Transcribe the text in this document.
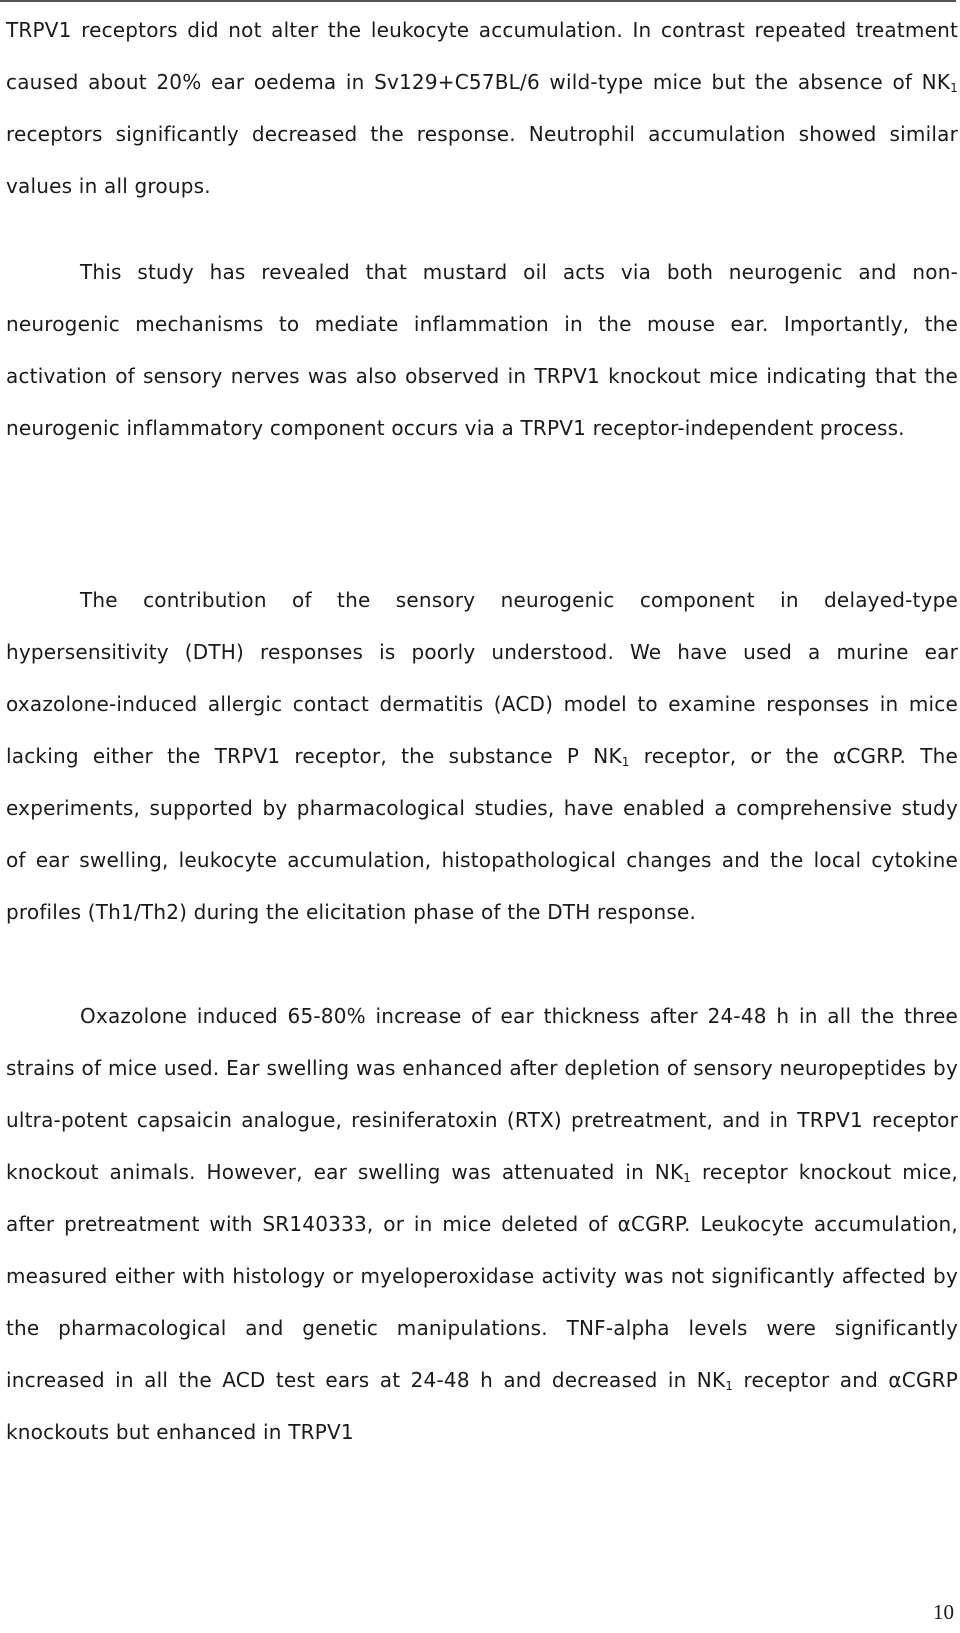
TRPV1 receptors did not alter the leukocyte accumulation. In contrast repeated treatment caused about 20% ear oedema in Sv129+C57BL/6 wild-type mice but the absence of $NK_1$ receptors significantly decreased the response. Neutrophil accumulation showed similar values in all groups.

This study has revealed that mustard oil acts via both neurogenic and non-neurogenic mechanisms to mediate inflammation in the mouse ear. Importantly, the activation of sensory nerves was also observed in TRPV1 knockout mice indicating that the neurogenic inflammatory component occurs via a TRPV1 receptor-independent process.

The contribution of the sensory neurogenic component in delayed-type hypersensitivity (DTH) responses is poorly understood. We have used a murine ear oxazolone-induced allergic contact dermatitis (ACD) model to examine responses in mice lacking either the TRPV1 receptor, the substance P $NK_1$ receptor, or the αCGRP. The experiments, supported by pharmacological studies, have enabled a comprehensive study of ear swelling, leukocyte accumulation, histopathological changes and the local cytokine profiles (Th1/Th2) during the elicitation phase of the DTH response.

Oxazolone induced 65-80% increase of ear thickness after 24-48 h in all the three strains of mice used. Ear swelling was enhanced after depletion of sensory neuropeptides by ultra-potent capsaicin analogue, resiniferatoxin (RTX) pretreatment, and in TRPV1 receptor knockout animals. However, ear swelling was attenuated in $NK_1$ receptor knockout mice, after pretreatment with SR140333, or in mice deleted of αCGRP. Leukocyte accumulation, measured either with histology or myeloperoxidase activity was not significantly affected by the pharmacological and genetic manipulations. TNF-alpha levels were significantly increased in all the ACD test ears at 24-48 h and decreased in $NK_1$ receptor and αCGRP knockouts but enhanced in TRPV1

10
